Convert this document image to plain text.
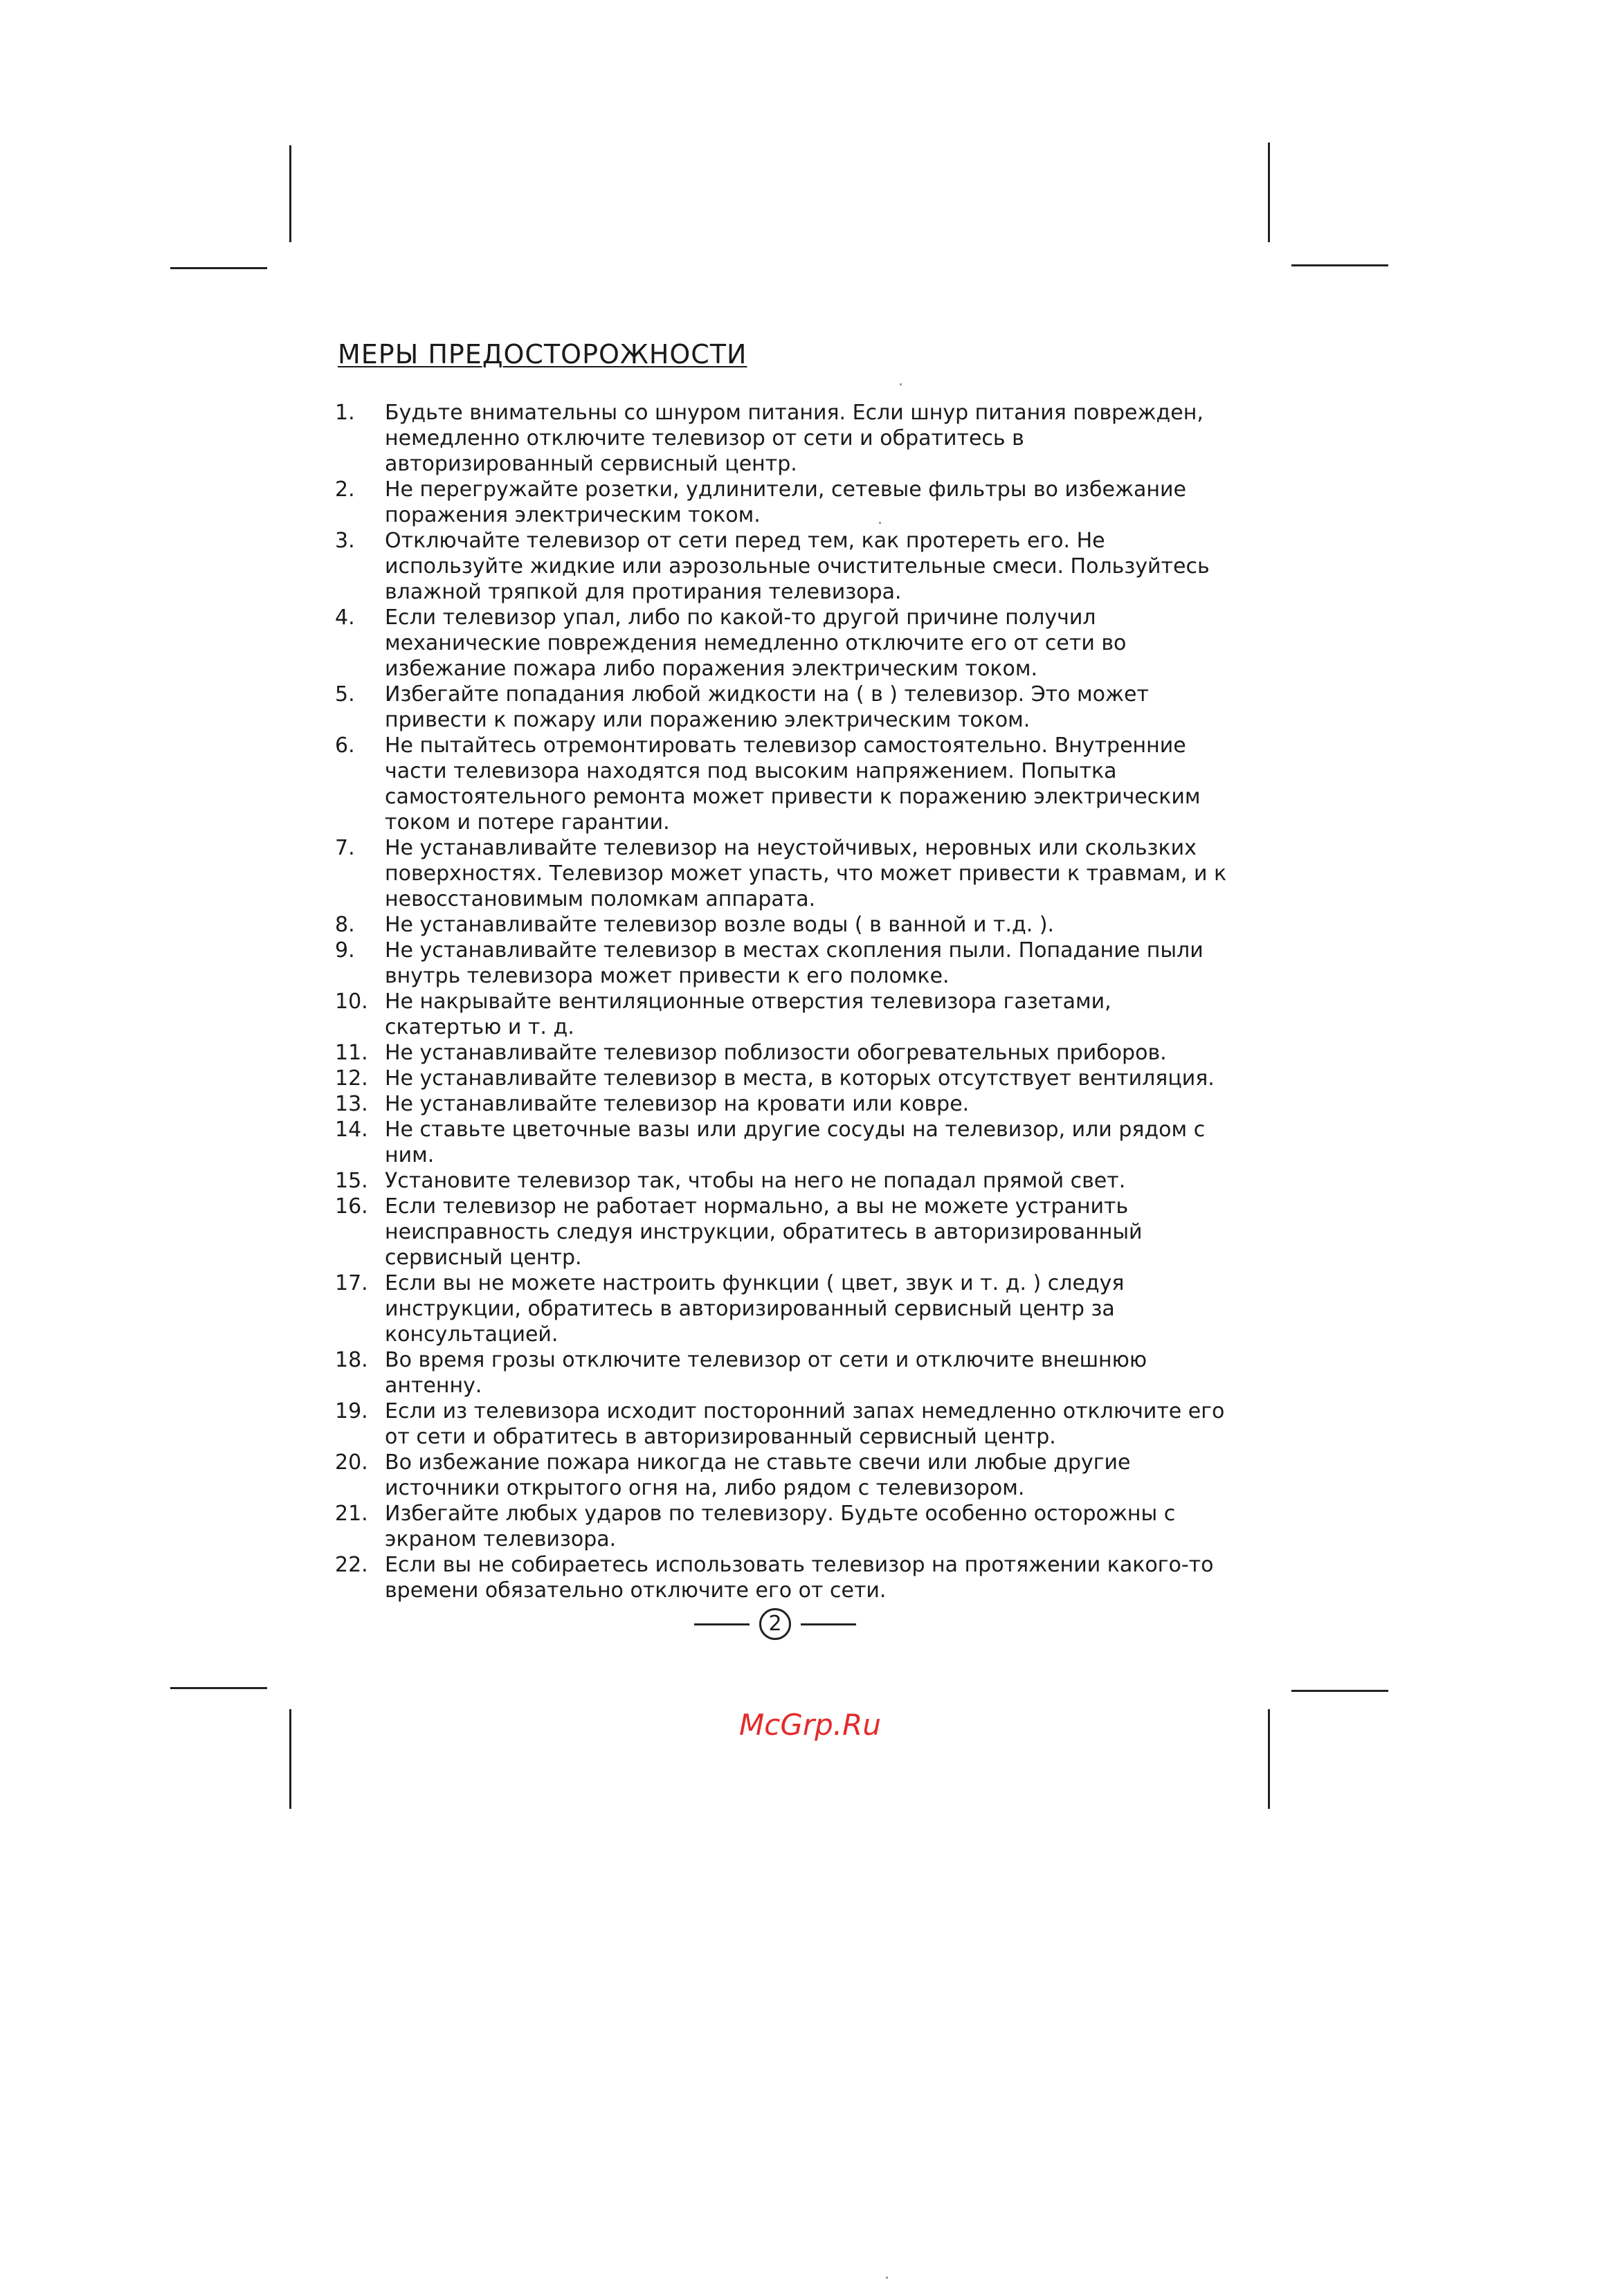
МЕРЫ ПРЕДОСТОРОЖНОСТИ
1.	Будьте внимательны со шнуром питания. Если шнур питания поврежден, немедленно отключите телевизор от сети и обратитесь в авторизированный сервисный центр.
2.	Не перегружайте розетки, удлинители, сетевые фильтры во избежание поражения электрическим током.
3.	Отключайте телевизор от сети перед тем, как протереть его. Не используйте жидкие или аэрозольные очистительные смеси. Пользуйтесь влажной тряпкой для протирания телевизора.
4.	Если телевизор упал, либо по какой-то другой причине получил механические повреждения немедленно отключите его от сети во избежание пожара либо поражения электрическим током.
5.	Избегайте попадания любой жидкости на ( в ) телевизор. Это может привести к пожару или поражению электрическим током.
6.	Не пытайтесь отремонтировать телевизор самостоятельно. Внутренние части телевизора находятся под высоким напряжением. Попытка самостоятельного ремонта может привести к поражению электрическим током и потере гарантии.
7.	Не устанавливайте телевизор на неустойчивых, неровных или скользких поверхностях. Телевизор может упасть, что может привести к травмам, и к невосстановимым поломкам аппарата.
8.	Не устанавливайте телевизор возле воды ( в ванной и т.д. ).
9.	Не устанавливайте телевизор в местах скопления пыли. Попадание пыли внутрь телевизора может привести к его поломке.
10. Не накрывайте вентиляционные отверстия телевизора газетами, скатертью и т. д.
11. Не устанавливайте телевизор поблизости обогревательных приборов.
12. Не устанавливайте телевизор в места, в которых отсутствует вентиляция.
13. Не устанавливайте телевизор на кровати или ковре.
14. Не ставьте цветочные вазы или другие сосуды на телевизор, или рядом с ним.
15. Установите телевизор так, чтобы на него не попадал прямой свет.
16. Если телевизор не работает нормально, а вы не можете устранить неисправность следуя инструкции, обратитесь в авторизированный сервисный центр.
17. Если вы не можете настроить функции ( цвет, звук и т. д. ) следуя инструкции, обратитесь в авторизированный сервисный центр за консультацией.
18. Во время грозы отключите телевизор от сети и отключите внешнюю антенну.
19. Если из телевизора исходит посторонний запах немедленно отключите его от сети и обратитесь в авторизированный сервисный центр.
20. Во избежание пожара никогда не ставьте свечи или любые другие источники открытого огня на, либо рядом с телевизором.
21. Избегайте любых ударов по телевизору. Будьте особенно осторожны с экраном телевизора.
22. Если вы не собираетесь использовать телевизор на протяжении какого-то времени обязательно отключите его от сети.
2
McGrp.Ru
